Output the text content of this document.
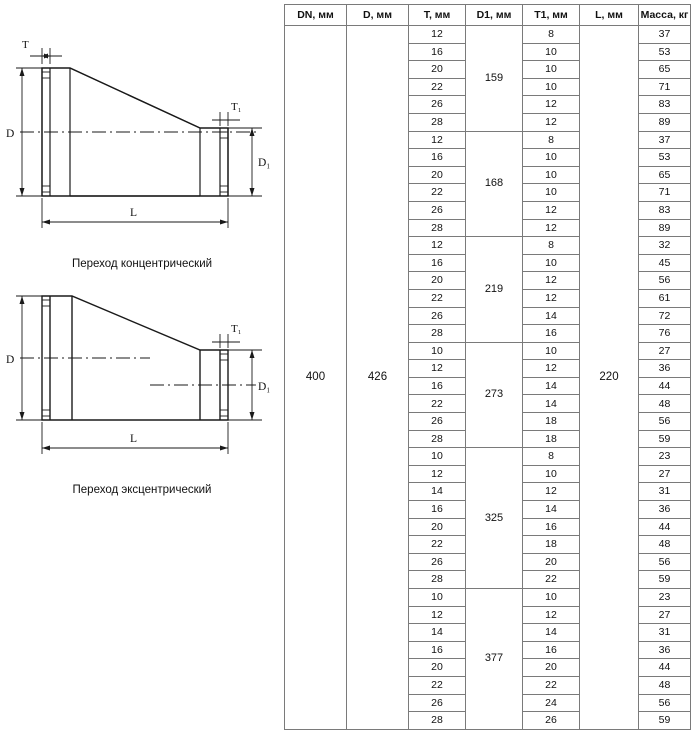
T
T₁
D
D₁
L
Переход концентрический
T₁
D
D₁
L
Переход эксцентрический
DN, мм	D, мм	T, мм	D1, мм	T1, мм	L, мм	Масса, кг
400	426	12	159	8	220	37
		16		10		53
		20		10		65
		22		10		71
		26		12		83
		28		12		89
		12	168	8		37
		16		10		53
		20		10		65
		22		10		71
		26		12		83
		28		12		89
		12	219	8		32
		16		10		45
		20		12		56
		22		12		61
		26		14		72
		28		16		76
		10	273	10		27
		12		12		36
		16		14		44
		22		14		48
		26		18		56
		28		18		59
		10	325	8		23
		12		10		27
		14		12		31
		16		14		36
		20		16		44
		22		18		48
		26		20		56
		28		22		59
		10	377	10		23
		12		12		27
		14		14		31
		16		16		36
		20		20		44
		22		22		48
		26		24		56
		28		26		59
